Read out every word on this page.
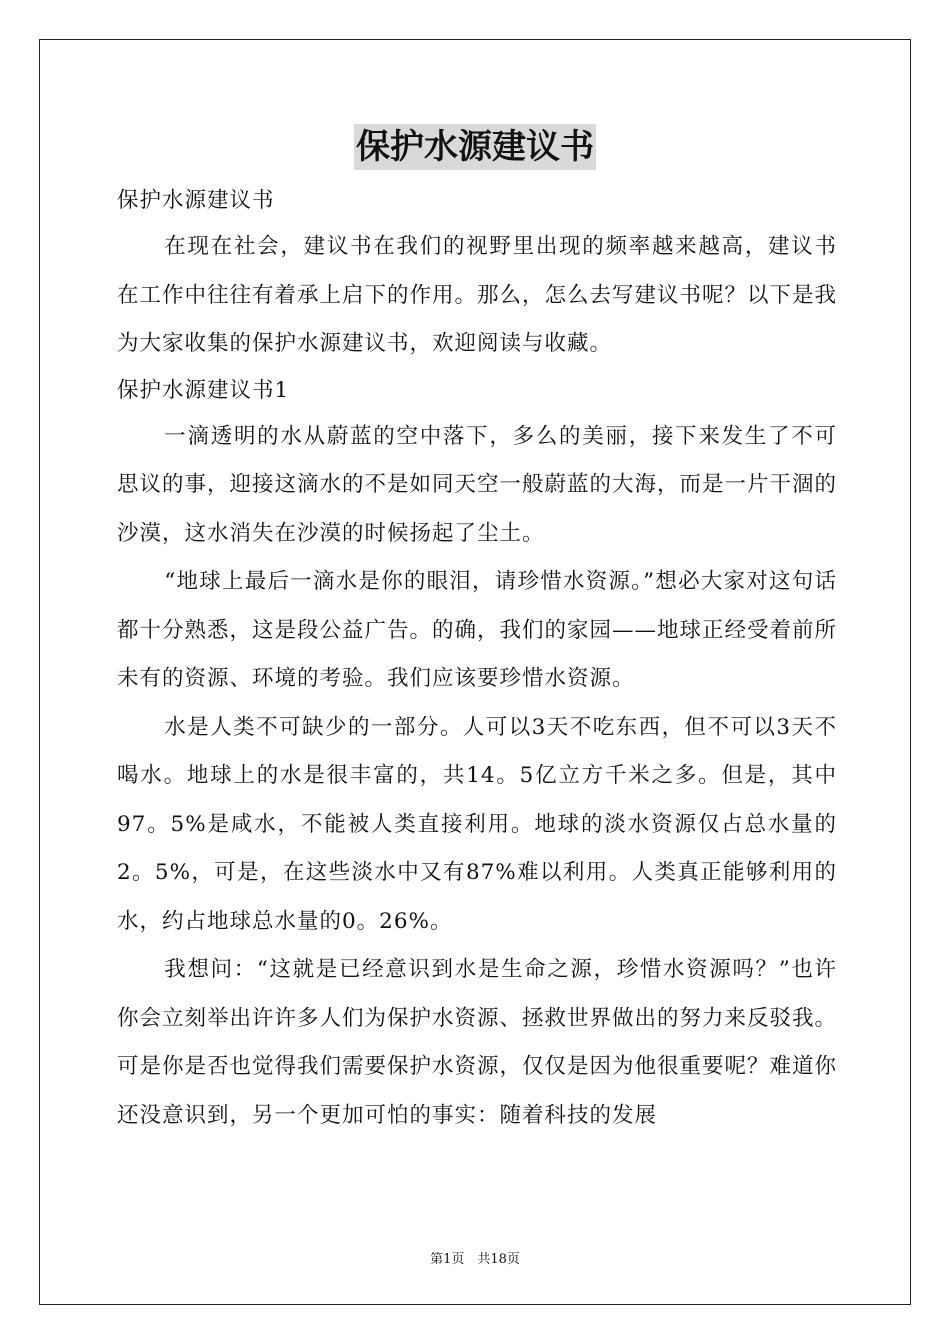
保护水源建议书

保护水源建议书

在现在社会，建议书在我们的视野里出现的频率越来越高，建议书在工作中往往有着承上启下的作用。那么，怎么去写建议书呢？以下是我为大家收集的保护水源建议书，欢迎阅读与收藏。

保护水源建议书1

一滴透明的水从蔚蓝的空中落下，多么的美丽，接下来发生了不可思议的事，迎接这滴水的不是如同天空一般蔚蓝的大海，而是一片干涸的沙漠，这水消失在沙漠的时候扬起了尘土。

“地球上最后一滴水是你的眼泪，请珍惜水资源。”想必大家对这句话都十分熟悉，这是段公益广告。的确，我们的家园——地球正经受着前所未有的资源、环境的考验。我们应该要珍惜水资源。

水是人类不可缺少的一部分。人可以3天不吃东西，但不可以3天不喝水。地球上的水是很丰富的，共14。5亿立方千米之多。但是，其中97。5%是咸水，不能被人类直接利用。地球的淡水资源仅占总水量的2。5%，可是，在这些淡水中又有87%难以利用。人类真正能够利用的水，约占地球总水量的0。26%。

我想问：“这就是已经意识到水是生命之源，珍惜水资源吗？”也许你会立刻举出许许多人们为保护水资源、拯救世界做出的努力来反驳我。可是你是否也觉得我们需要保护水资源，仅仅是因为他很重要呢？难道你还没意识到，另一个更加可怕的事实：随着科技的发展

第1页　共18页
